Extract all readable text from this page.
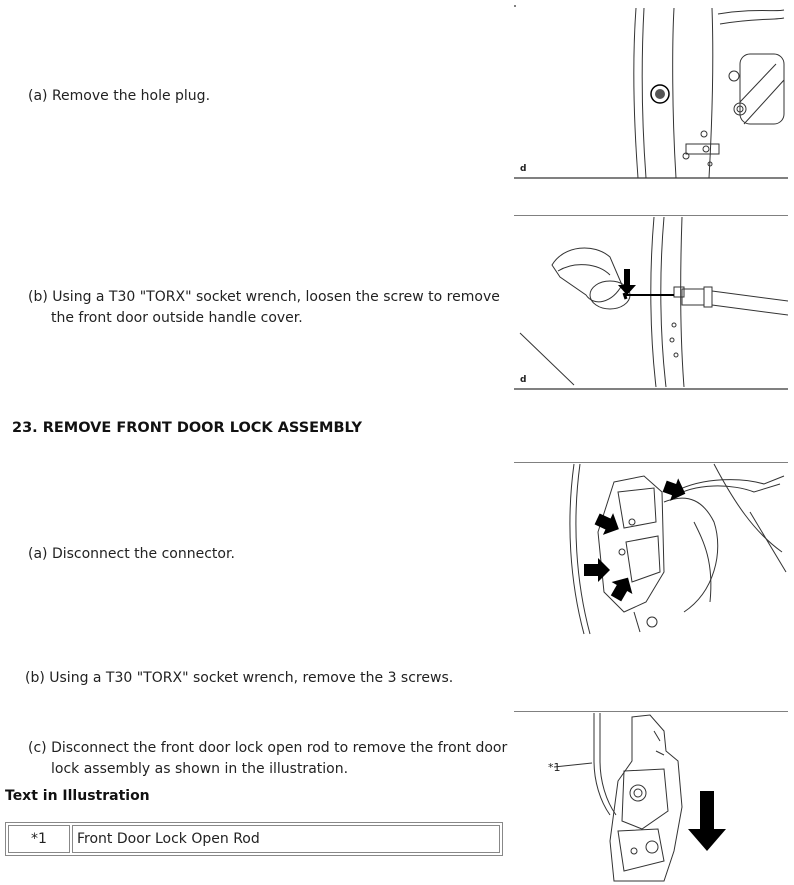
(a) Remove the hole plug.
(b) Using a T30 "TORX" socket wrench, loosen the screw to remove
the front door outside handle cover.
23. REMOVE FRONT DOOR LOCK ASSEMBLY
(a) Disconnect the connector.
(b) Using a T30 "TORX" socket wrench, remove the 3 screws.
(c) Disconnect the front door lock open rod to remove the front door
lock assembly as shown in the illustration.
Text in Illustration
*1	Front Door Lock Open Rod
d
d
*1
